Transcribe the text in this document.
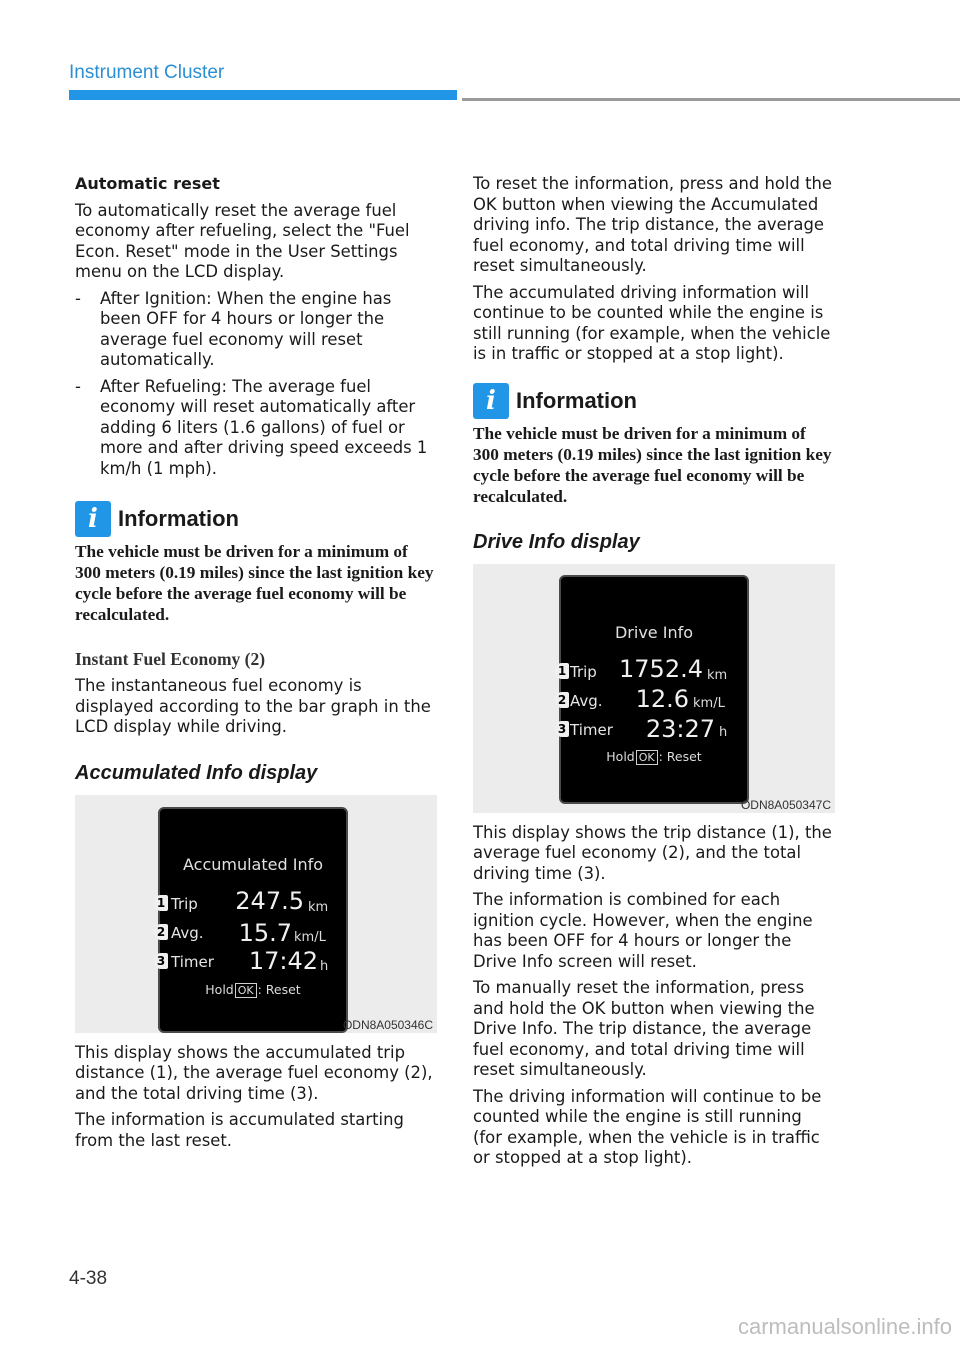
Instrument Cluster

Automatic reset

To automatically reset the average fuel economy after refueling, select the "Fuel Econ. Reset" mode in the User Settings menu on the LCD display.

- After Ignition: When the engine has been OFF for 4 hours or longer the average fuel economy will reset automatically.
- After Refueling: The average fuel economy will reset automatically after adding 6 liters (1.6 gallons) of fuel or more and after driving speed exceeds 1 km/h (1 mph).
i Information

The vehicle must be driven for a minimum of 300 meters (0.19 miles) since the last ignition key cycle before the average fuel economy will be recalculated.

Instant Fuel Economy (2)

The instantaneous fuel economy is displayed according to the bar graph in the LCD display while driving.

Accumulated Info display
Accumulated Info
1 Trip	247.5 km
2 Avg.	15.7 km/L
3 Timer	17:42 h
Hold OK : Reset
ODN8A050346C

This display shows the accumulated trip distance (1), the average fuel economy (2), and the total driving time (3).

The information is accumulated starting from the last reset.

To reset the information, press and hold the OK button when viewing the Accumulated driving info. The trip distance, the average fuel economy, and total driving time will reset simultaneously.

The accumulated driving information will continue to be counted while the engine is still running (for example, when the vehicle is in traffic or stopped at a stop light).

i Information

The vehicle must be driven for a minimum of 300 meters (0.19 miles) since the last ignition key cycle before the average fuel economy will be recalculated.

Drive Info display
Drive Info
1 Trip 1752.4 km
2 Avg.	12.6 km/L
3 Timer	23:27 h
Hold OK : Reset
ODN8A050347C

This display shows the trip distance (1), the average fuel economy (2), and the total driving time (3).

The information is combined for each ignition cycle. However, when the engine has been OFF for 4 hours or longer the Drive Info screen will reset.

To manually reset the information, press and hold the OK button when viewing the Drive Info. The trip distance, the average fuel economy, and total driving time will reset simultaneously.

The driving information will continue to be counted while the engine is still running (for example, when the vehicle is in traffic or stopped at a stop light).

4-38
carmanualsonline.info
